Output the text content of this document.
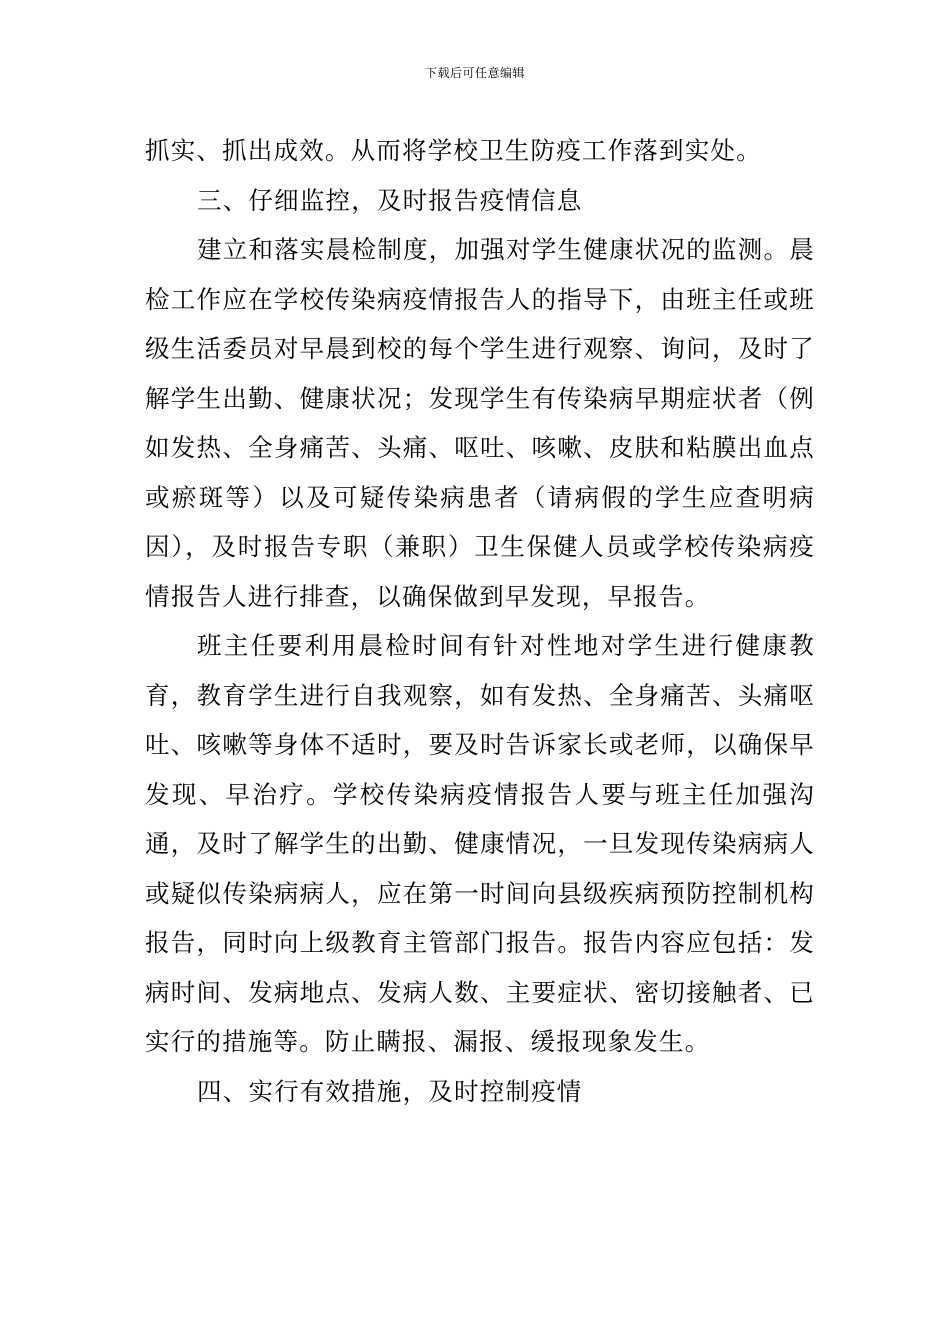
下载后可任意编辑

抓实、抓出成效。从而将学校卫生防疫工作落到实处。

三、仔细监控，及时报告疫情信息

建立和落实晨检制度，加强对学生健康状况的监测。晨检工作应在学校传染病疫情报告人的指导下，由班主任或班级生活委员对早晨到校的每个学生进行观察、询问，及时了解学生出勤、健康状况；发现学生有传染病早期症状者（例如发热、全身痛苦、头痛、呕吐、咳嗽、皮肤和粘膜出血点或瘀斑等）以及可疑传染病患者（请病假的学生应查明病因），及时报告专职（兼职）卫生保健人员或学校传染病疫情报告人进行排查，以确保做到早发现，早报告。

班主任要利用晨检时间有针对性地对学生进行健康教育，教育学生进行自我观察，如有发热、全身痛苦、头痛呕吐、咳嗽等身体不适时，要及时告诉家长或老师，以确保早发现、早治疗。学校传染病疫情报告人要与班主任加强沟通，及时了解学生的出勤、健康情况，一旦发现传染病病人或疑似传染病病人，应在第一时间向县级疾病预防控制机构报告，同时向上级教育主管部门报告。报告内容应包括：发病时间、发病地点、发病人数、主要症状、密切接触者、已实行的措施等。防止瞒报、漏报、缓报现象发生。

四、实行有效措施，及时控制疫情
